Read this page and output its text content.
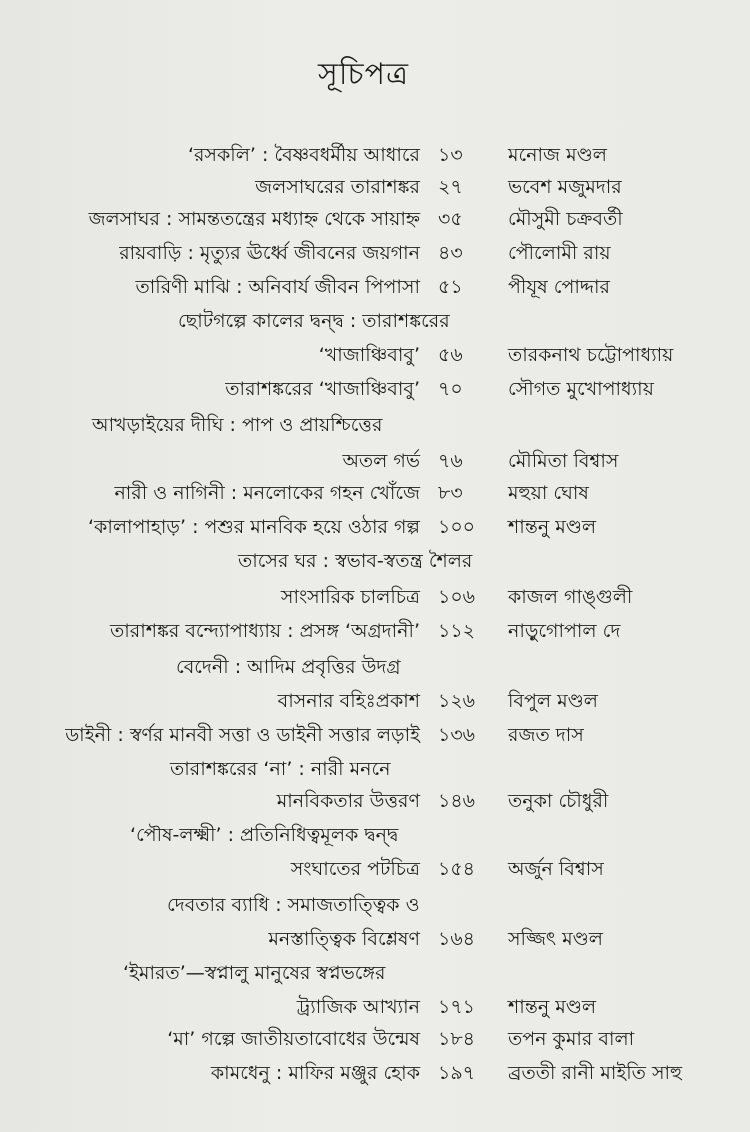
সূচিপত্র
‘রসকলি’ : বৈষ্ণবধর্মীয় আধারে ১৩	মনোজ মণ্ডল
জলসাঘরের তারাশঙ্কর ২৭	ভবেশ মজুমদার
জলসাঘর : সামন্ততন্ত্রের মধ্যাহ্ন থেকে সায়াহ্ন ৩৫	মৌসুমী চক্রবর্তী
রায়বাড়ি : মৃত্যুর ঊর্ধ্বে জীবনের জয়গান ৪৩	পৌলোমী রায়
তারিণী মাঝি : অনিবার্য জীবন পিপাসা ৫১	পীযূষ পোদ্দার
ছোটগল্পে কালের দ্বন্দ্ব : তারাশঙ্করের
‘খাজাঞ্চিবাবু’ ৫৬	তারকনাথ চট্টোপাধ্যায়
তারাশঙ্করের ‘খাজাঞ্চিবাবু’ ৭০	সৌগত মুখোপাধ্যায়
আখড়াইয়ের দীঘি : পাপ ও প্রায়শ্চিত্তের
অতল গর্ভ ৭৬	মৌমিতা বিশ্বাস
নারী ও নাগিনী : মনলোকের গহন খোঁজে ৮৩	মহুয়া ঘোষ
‘কালাপাহাড়’ : পশুর মানবিক হয়ে ওঠার গল্প ১০০	শান্তনু মণ্ডল
তাসের ঘর : স্বভাব-স্বতন্ত্র শৈলর
সাংসারিক চালচিত্র ১০৬	কাজল গাঙ্গুলী
তারাশঙ্কর বন্দ্যোপাধ্যায় : প্রসঙ্গ ‘অগ্রদানী’ ১১২	নাড়ুগোপাল দে
বেদেনী : আদিম প্রবৃত্তির উদগ্র
বাসনার বহিঃপ্রকাশ ১২৬	বিপুল মণ্ডল
ডাইনী : স্বর্ণর মানবী সত্তা ও ডাইনী সত্তার লড়াই ১৩৬	রজত দাস
তারাশঙ্করের ‘না’ : নারী মননে
মানবিকতার উত্তরণ ১৪৬	তনুকা চৌধুরী
‘পৌষ-লক্ষ্মী’ : প্রতিনিধিত্বমূলক দ্বন্দ্ব
সংঘাতের পটচিত্র ১৫৪	অর্জুন বিশ্বাস
দেবতার ব্যাধি : সমাজতাত্ত্বিক ও
মনস্তাত্ত্বিক বিশ্লেষণ ১৬৪	সজ্জিৎ মণ্ডল
‘ইমারত’—স্বপ্নালু মানুষের স্বপ্নভঙ্গের
ট্র্যাজিক আখ্যান ১৭১	শান্তনু মণ্ডল
‘মা’ গল্পে জাতীয়তাবোধের উন্মেষ ১৮৪	তপন কুমার বালা
কামধেনু : মাফির মঞ্জুর হোক ১৯৭	ব্রততী রানী মাইতি সাহু
